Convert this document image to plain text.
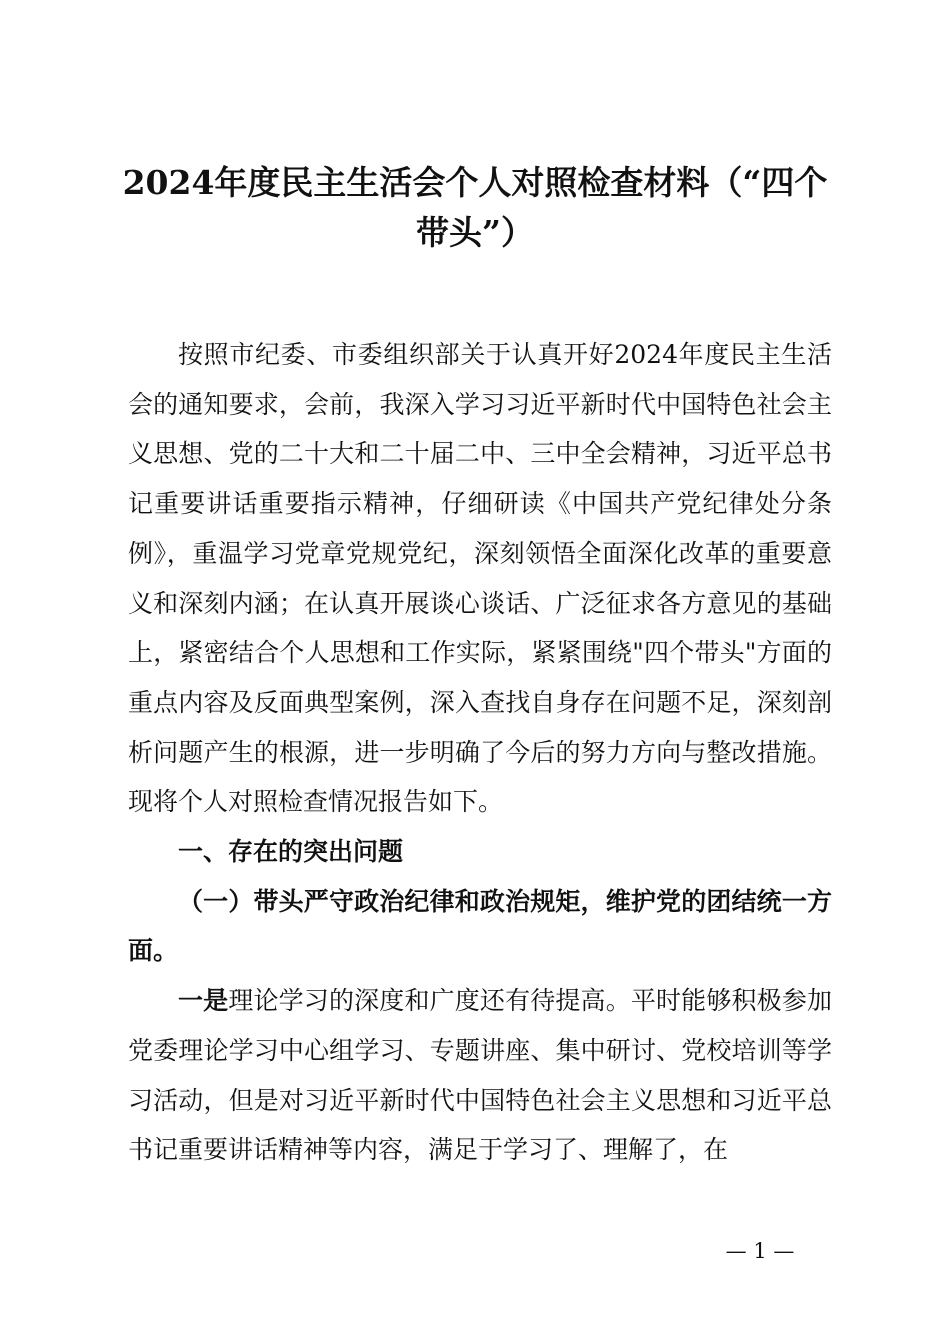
2024年度民主生活会个人对照检查材料（“四个带头”）

按照市纪委、市委组织部关于认真开好2024年度民主生活会的通知要求，会前，我深入学习习近平新时代中国特色社会主义思想、党的二十大和二十届二中、三中全会精神，习近平总书记重要讲话重要指示精神，仔细研读《中国共产党纪律处分条例》，重温学习党章党规党纪，深刻领悟全面深化改革的重要意义和深刻内涵；在认真开展谈心谈话、广泛征求各方意见的基础上，紧密结合个人思想和工作实际，紧紧围绕"四个带头"方面的重点内容及反面典型案例，深入查找自身存在问题不足，深刻剖析问题产生的根源，进一步明确了今后的努力方向与整改措施。现将个人对照检查情况报告如下。

一、存在的突出问题

（一）带头严守政治纪律和政治规矩，维护党的团结统一方面。

一是理论学习的深度和广度还有待提高。平时能够积极参加党委理论学习中心组学习、专题讲座、集中研讨、党校培训等学习活动，但是对习近平新时代中国特色社会主义思想和习近平总书记重要讲话精神等内容，满足于学习了、理解了，在

— 1 —
